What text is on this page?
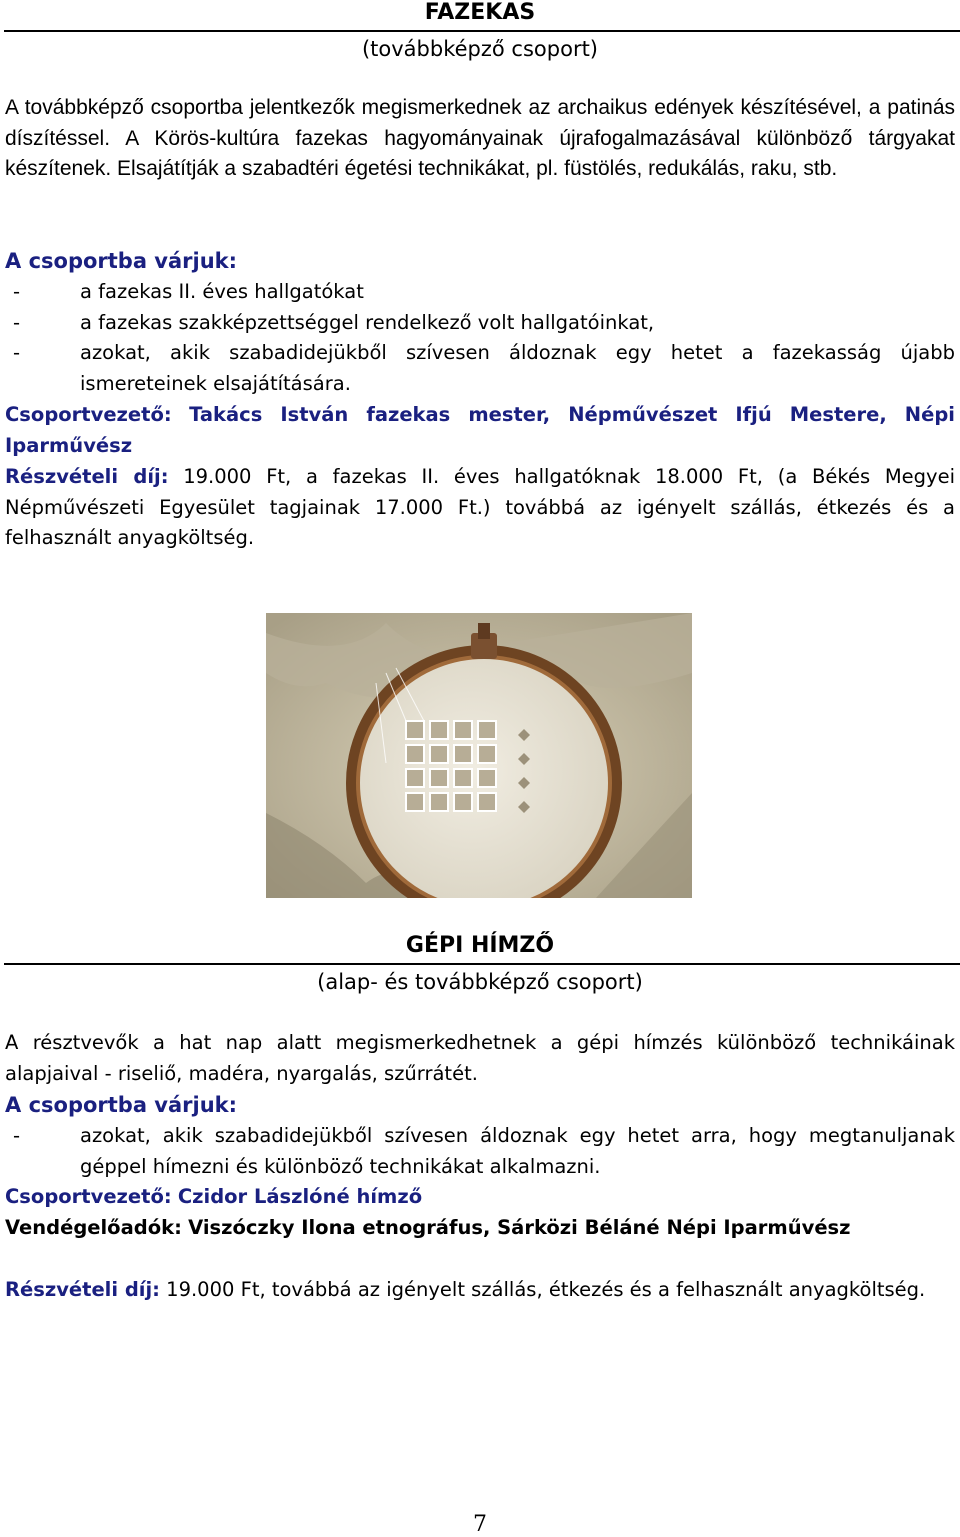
FAZEKAS
(továbbképző csoport)
A továbbképző csoportba jelentkezők megismerkednek az archaikus edények készítésével, a patinás díszítéssel. A Körös-kultúra fazekas hagyományainak újrafogalmazásával különböző tárgyakat készítenek. Elsajátítják a szabadtéri égetési technikákat, pl. füstölés, redukálás, raku, stb.
A csoportba várjuk:
-	a fazekas II. éves hallgatókat
-	a fazekas szakképzettséggel rendelkező volt hallgatóinkat,
-	azokat, akik szabadidejükből szívesen áldoznak egy hetet a fazekasság újabb ismereteinek elsajátítására.
Csoportvezető: Takács István fazekas mester, Népművészet Ifjú Mestere, Népi Iparművész
Részvételi díj: 19.000 Ft, a fazekas II. éves hallgatóknak 18.000 Ft, (a Békés Megyei Népművészeti Egyesület tagjainak 17.000 Ft.) továbbá az igényelt szállás, étkezés és a felhasznált anyagköltség.
GÉPI HÍMZŐ
(alap- és továbbképző csoport)
A résztvevők a hat nap alatt megismerkedhetnek a gépi hímzés különböző technikáinak alapjaival - riseliő, madéra, nyargalás, szűrrátét.
A csoportba várjuk:
-	azokat, akik szabadidejükből szívesen áldoznak egy hetet arra, hogy megtanuljanak géppel hímezni és különböző technikákat alkalmazni.
Csoportvezető: Czidor Lászlóné hímző
Vendégelőadók: Viszóczky Ilona etnográfus, Sárközi Béláné Népi Iparművész
Részvételi díj: 19.000 Ft, továbbá az igényelt szállás, étkezés és a felhasznált anyagköltség.
7
